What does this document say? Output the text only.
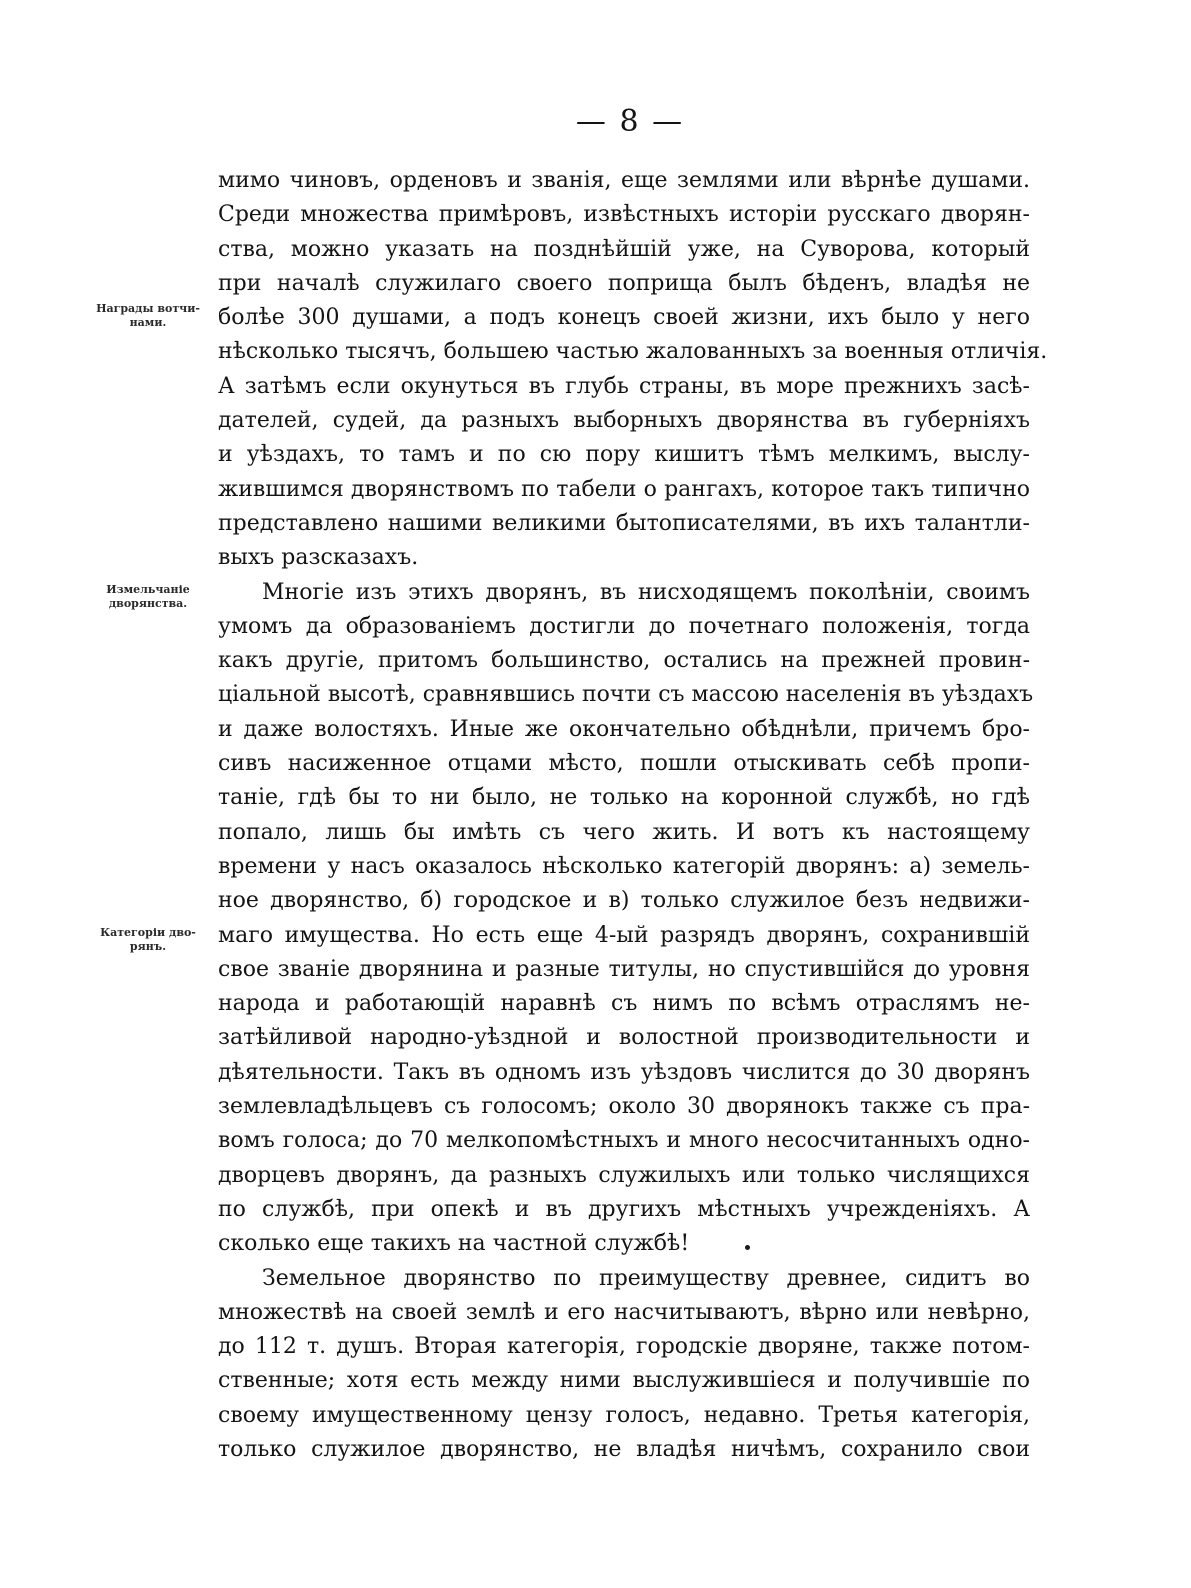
— 8 —
Награды вотчи-
нами.
Измельчаніе
дворянства.
Категоріи дво-
рянъ.
мимо чиновъ, орденовъ и званія, еще землями или вѣрнѣе душами.
Среди множества примѣровъ, извѣстныхъ исторіи русскаго дворян-
ства, можно указать на позднѣйшій уже, на Суворова, который
при началѣ служилаго своего поприща былъ бѣденъ, владѣя не
болѣе 300 душами, а подъ конецъ своей жизни, ихъ было у него
нѣсколько тысячъ, большею частью жалованныхъ за военныя отличія.
А затѣмъ если окунуться въ глубь страны, въ море прежнихъ засѣ-
дателей, судей, да разныхъ выборныхъ дворянства въ губерніяхъ
и уѣздахъ, то тамъ и по сю пору кишитъ тѣмъ мелкимъ, выслу-
жившимся дворянствомъ по табели о рангахъ, которое такъ типично
представлено нашими великими бытописателями, въ ихъ талантли-
выхъ разсказахъ.
Многіе изъ этихъ дворянъ, въ нисходящемъ поколѣніи, своимъ
умомъ да образованіемъ достигли до почетнаго положенія, тогда
какъ другіе, притомъ большинство, остались на прежней провин-
ціальной высотѣ, сравнявшись почти съ массою населенія въ уѣздахъ
и даже волостяхъ. Иные же окончательно обѣднѣли, причемъ бро-
сивъ насиженное отцами мѣсто, пошли отыскивать себѣ пропи-
таніе, гдѣ бы то ни было, не только на коронной службѣ, но гдѣ
попало, лишь бы имѣть съ чего жить. И вотъ къ настоящему
времени у насъ оказалось нѣсколько категорій дворянъ: а) земель-
ное дворянство, б) городское и в) только служилое безъ недвижи-
маго имущества. Но есть еще 4-ый разрядъ дворянъ, сохранившій
свое званіе дворянина и разные титулы, но спустившійся до уровня
народа и работающій наравнѣ съ нимъ по всѣмъ отраслямъ не-
затѣйливой народно-уѣздной и волостной производительности и
дѣятельности. Такъ въ одномъ изъ уѣздовъ числится до 30 дворянъ
землевладѣльцевъ съ голосомъ; около 30 дворянокъ также съ пра-
вомъ голоса; до 70 мелкопомѣстныхъ и много несосчитанныхъ одно-
дворцевъ дворянъ, да разныхъ служилыхъ или только числящихся
по службѣ, при опекѣ и въ другихъ мѣстныхъ учрежденіяхъ. А
сколько еще такихъ на частной службѣ!
Земельное дворянство по преимуществу древнее, сидитъ во
множествѣ на своей землѣ и его насчитываютъ, вѣрно или невѣрно,
до 112 т. душъ. Вторая категорія, городскіе дворяне, также потом-
ственные; хотя есть между ними выслужившіеся и получившіе по
своему имущественному цензу голосъ, недавно. Третья категорія,
только служилое дворянство, не владѣя ничѣмъ, сохранило свои
